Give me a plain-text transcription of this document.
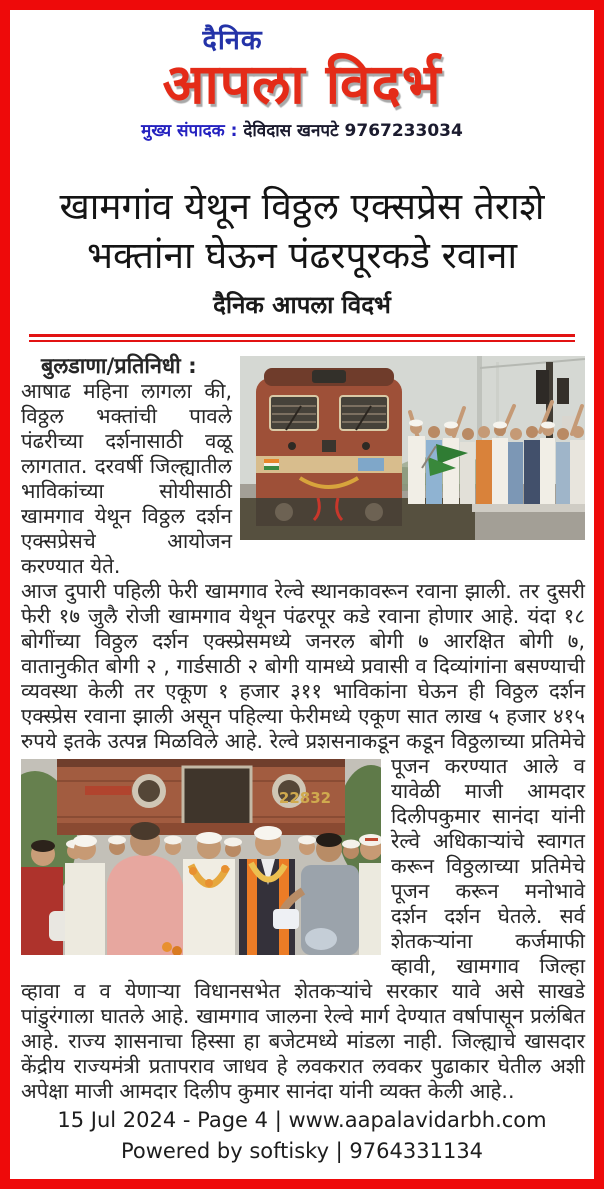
दैनिक
आपला विदर्भ
मुख्य संपादक : देविदास खनपटे 9767233034
खामगांव येथून विठ्ठल एक्सप्रेस तेराशे
भक्तांना घेऊन पंढरपूरकडे रवाना
दैनिक आपला विदर्भ

बुलडाणा/प्रतिनिधी :

आषाढ महिना लागला की, विठ्ठल भक्तांची पावले पंढरीच्या दर्शनासाठी वळू लागतात. दरवर्षी जिल्ह्यातील भाविकांच्या सोयीसाठी खामगाव येथून विठ्ठल दर्शन एक्सप्रेसचे आयोजन करण्यात येते.

आज दुपारी पहिली फेरी खामगाव रेल्वे स्थानकावरून रवाना झाली. तर दुसरी फेरी १७ जुलै रोजी खामगाव येथून पंढरपूर कडे रवाना होणार आहे. यंदा १८ बोगींच्या विठ्ठल दर्शन एक्स्प्रेसमध्ये जनरल बोगी ७ आरक्षित बोगी ७, वातानुकीत बोगी २ , गार्डसाठी २ बोगी यामध्ये प्रवासी व दिव्यांगांना बसण्याची व्यवस्था केली तर एकूण १ हजार ३११ भाविकांना घेऊन ही विठ्ठल दर्शन एक्स्प्रेस रवाना झाली असून पहिल्या फेरीमध्ये एकूण सात लाख ५ हजार ४१५ रुपये इतके उत्पन्न मिळविले आहे. रेल्वे प्रशसनाकडून कडून विठ्ठलाच्या प्रतिमेचे पूजन
22832
करण्यात आले व यावेळी माजी आमदार दिलीपकुमार सानंदा यांनी रेल्वे अधिकाऱ्यांचे स्वागत करून विठ्ठलाच्या प्रतिमेचे पूजन करून मनोभावे दर्शन दर्शन घेतले. सर्व शेतकऱ्यांना कर्जमाफी व्हावी, खामगाव जिल्हा व्हावा व व येणाऱ्या विधानसभेत शेतकऱ्यांचे सरकार यावे असे साखडे पांडुरंगाला घातले आहे. खामगाव जालना रेल्वे मार्ग देण्यात वर्षापासून प्रलंबित आहे. राज्य शासनाचा हिस्सा हा बजेटमध्ये मांडला नाही. जिल्ह्याचे खासदार केंद्रीय राज्यमंत्री प्रतापराव जाधव हे लवकरात लवकर पुढाकार घेतील अशी अपेक्षा माजी आमदार दिलीप कुमार सानंदा यांनी व्यक्त केली आहे..
15 Jul 2024 - Page 4 | www.aapalavidarbh.com
Powered by softisky | 9764331134
